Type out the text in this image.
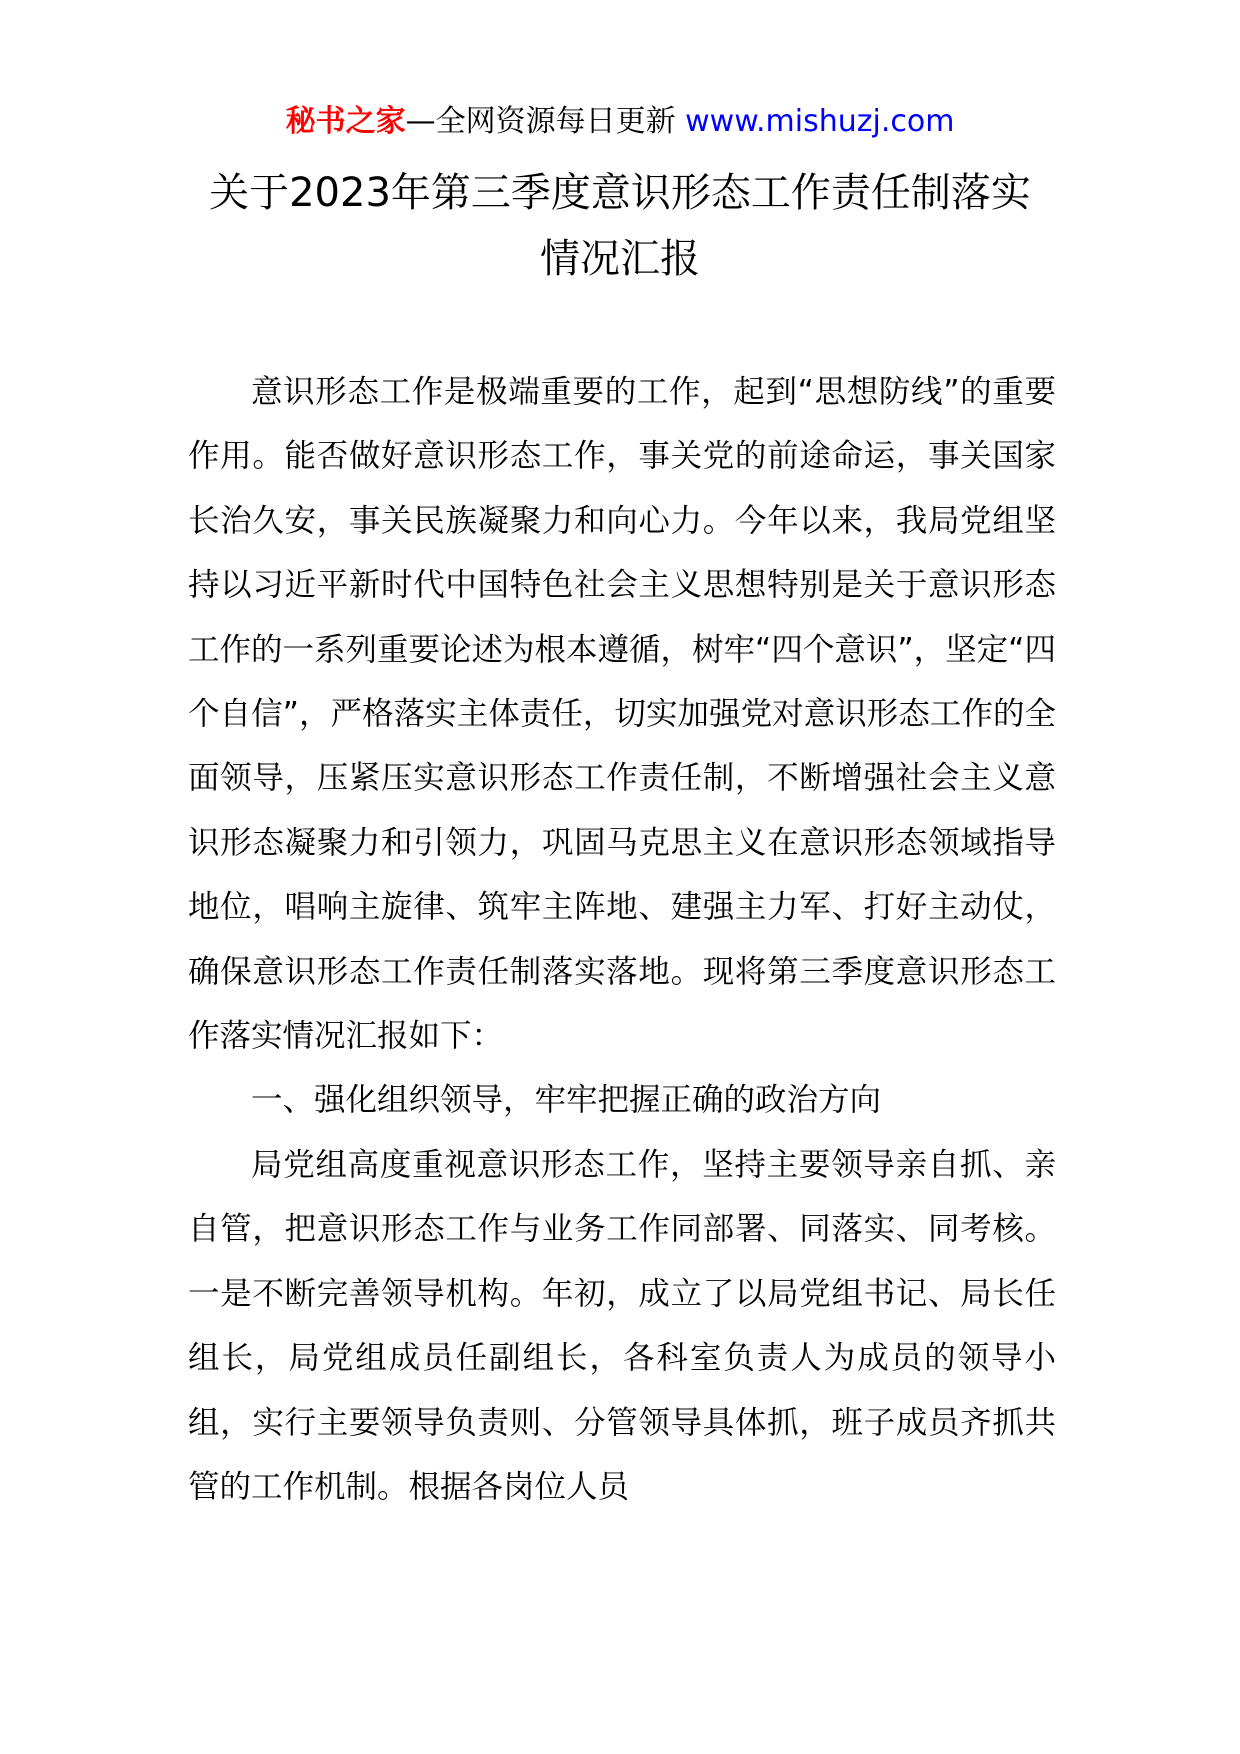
秘书之家—全网资源每日更新 www.mishuzj.com
关于2023年第三季度意识形态工作责任制落实
情况汇报

意识形态工作是极端重要的工作，起到“思想防线”的重要作用。能否做好意识形态工作，事关党的前途命运，事关国家长治久安，事关民族凝聚力和向心力。今年以来，我局党组坚持以习近平新时代中国特色社会主义思想特别是关于意识形态工作的一系列重要论述为根本遵循，树牢“四个意识”，坚定“四个自信”，严格落实主体责任，切实加强党对意识形态工作的全面领导，压紧压实意识形态工作责任制，不断增强社会主义意识形态凝聚力和引领力，巩固马克思主义在意识形态领域指导地位，唱响主旋律、筑牢主阵地、建强主力军、打好主动仗，确保意识形态工作责任制落实落地。现将第三季度意识形态工作落实情况汇报如下：

一、强化组织领导，牢牢把握正确的政治方向

局党组高度重视意识形态工作，坚持主要领导亲自抓、亲自管，把意识形态工作与业务工作同部署、同落实、同考核。一是不断完善领导机构。年初，成立了以局党组书记、局长任组长，局党组成员任副组长，各科室负责人为成员的领导小组，实行主要领导负责则、分管领导具体抓，班子成员齐抓共管的工作机制。根据各岗位人员
